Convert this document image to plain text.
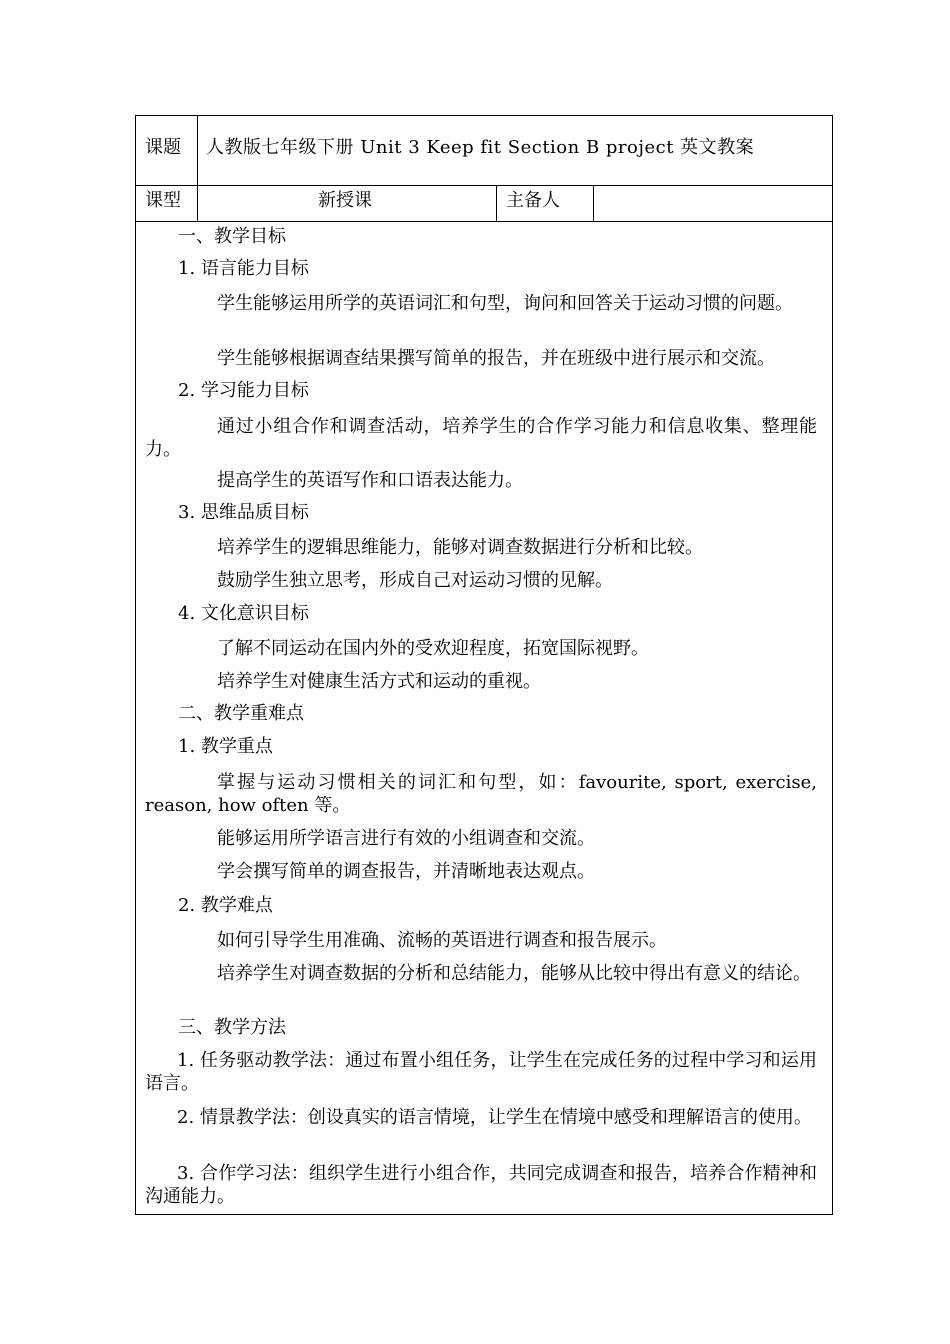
课题 人教版七年级下册 Unit 3 Keep fit Section B project 英文教案
课型	新授课	主备人
一、教学目标
1. 语言能力目标
学生能够运用所学的英语词汇和句型，询问和回答关于运动习惯的问题。
学生能够根据调查结果撰写简单的报告，并在班级中进行展示和交流。
2. 学习能力目标
通过小组合作和调查活动，培养学生的合作学习能力和信息收集、整理能力。
提高学生的英语写作和口语表达能力。
3. 思维品质目标
培养学生的逻辑思维能力，能够对调查数据进行分析和比较。
鼓励学生独立思考，形成自己对运动习惯的见解。
4. 文化意识目标
了解不同运动在国内外的受欢迎程度，拓宽国际视野。
培养学生对健康生活方式和运动的重视。
二、教学重难点
1. 教学重点
掌握与运动习惯相关的词汇和句型，如：favourite, sport, exercise, reason, how often 等。
能够运用所学语言进行有效的小组调查和交流。
学会撰写简单的调查报告，并清晰地表达观点。
2. 教学难点
如何引导学生用准确、流畅的英语进行调查和报告展示。
培养学生对调查数据的分析和总结能力，能够从比较中得出有意义的结论。
三、教学方法
1. 任务驱动教学法：通过布置小组任务，让学生在完成任务的过程中学习和运用语言。
2. 情景教学法：创设真实的语言情境，让学生在情境中感受和理解语言的使用。
3. 合作学习法：组织学生进行小组合作，共同完成调查和报告，培养合作精神和沟通能力。
